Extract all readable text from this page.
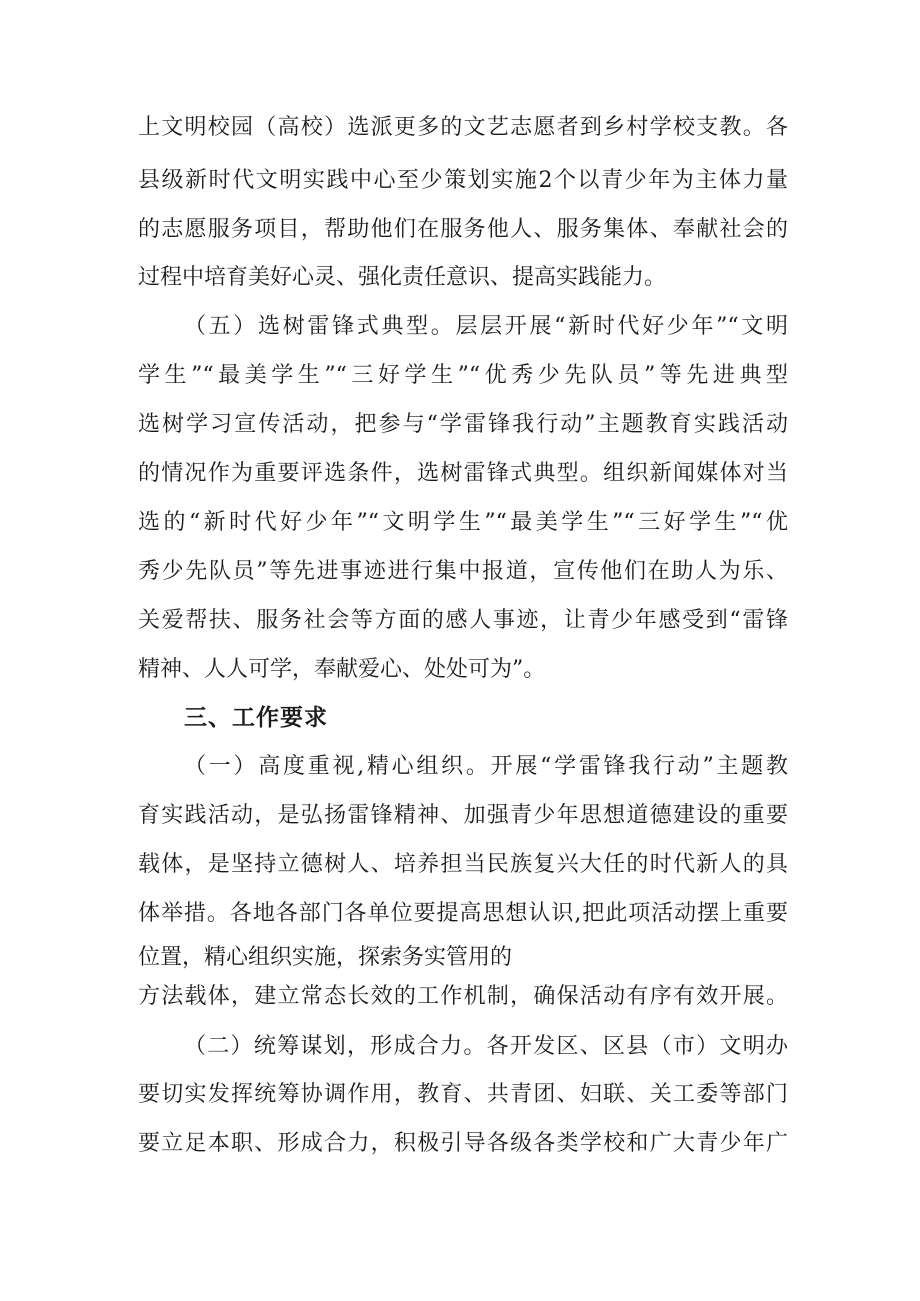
上文明校园（高校）选派更多的文艺志愿者到乡村学校支教。各
县级新时代文明实践中心至少策划实施2个以青少年为主体力量
的志愿服务项目，帮助他们在服务他人、服务集体、奉献社会的
过程中培育美好心灵、强化责任意识、提高实践能力。
（五）选树雷锋式典型。层层开展“新时代好少年”“文明
学生”“最美学生”“三好学生”“优秀少先队员”等先进典型
选树学习宣传活动，把参与“学雷锋我行动”主题教育实践活动
的情况作为重要评选条件，选树雷锋式典型。组织新闻媒体对当
选的“新时代好少年”“文明学生”“最美学生”“三好学生”“优
秀少先队员”等先进事迹进行集中报道，宣传他们在助人为乐、
关爱帮扶、服务社会等方面的感人事迹，让青少年感受到“雷锋
精神、人人可学，奉献爱心、处处可为”。
三、工作要求
（一）高度重视,精心组织。开展“学雷锋我行动”主题教
育实践活动，是弘扬雷锋精神、加强青少年思想道德建设的重要
载体，是坚持立德树人、培养担当民族复兴大任的时代新人的具
体举措。各地各部门各单位要提高思想认识,把此项活动摆上重要
位置，精心组织实施，探索务实管用的
方法载体，建立常态长效的工作机制，确保活动有序有效开展。
（二）统筹谋划，形成合力。各开发区、区县（市）文明办
要切实发挥统筹协调作用，教育、共青团、妇联、关工委等部门
要立足本职、形成合力，积极引导各级各类学校和广大青少年广
